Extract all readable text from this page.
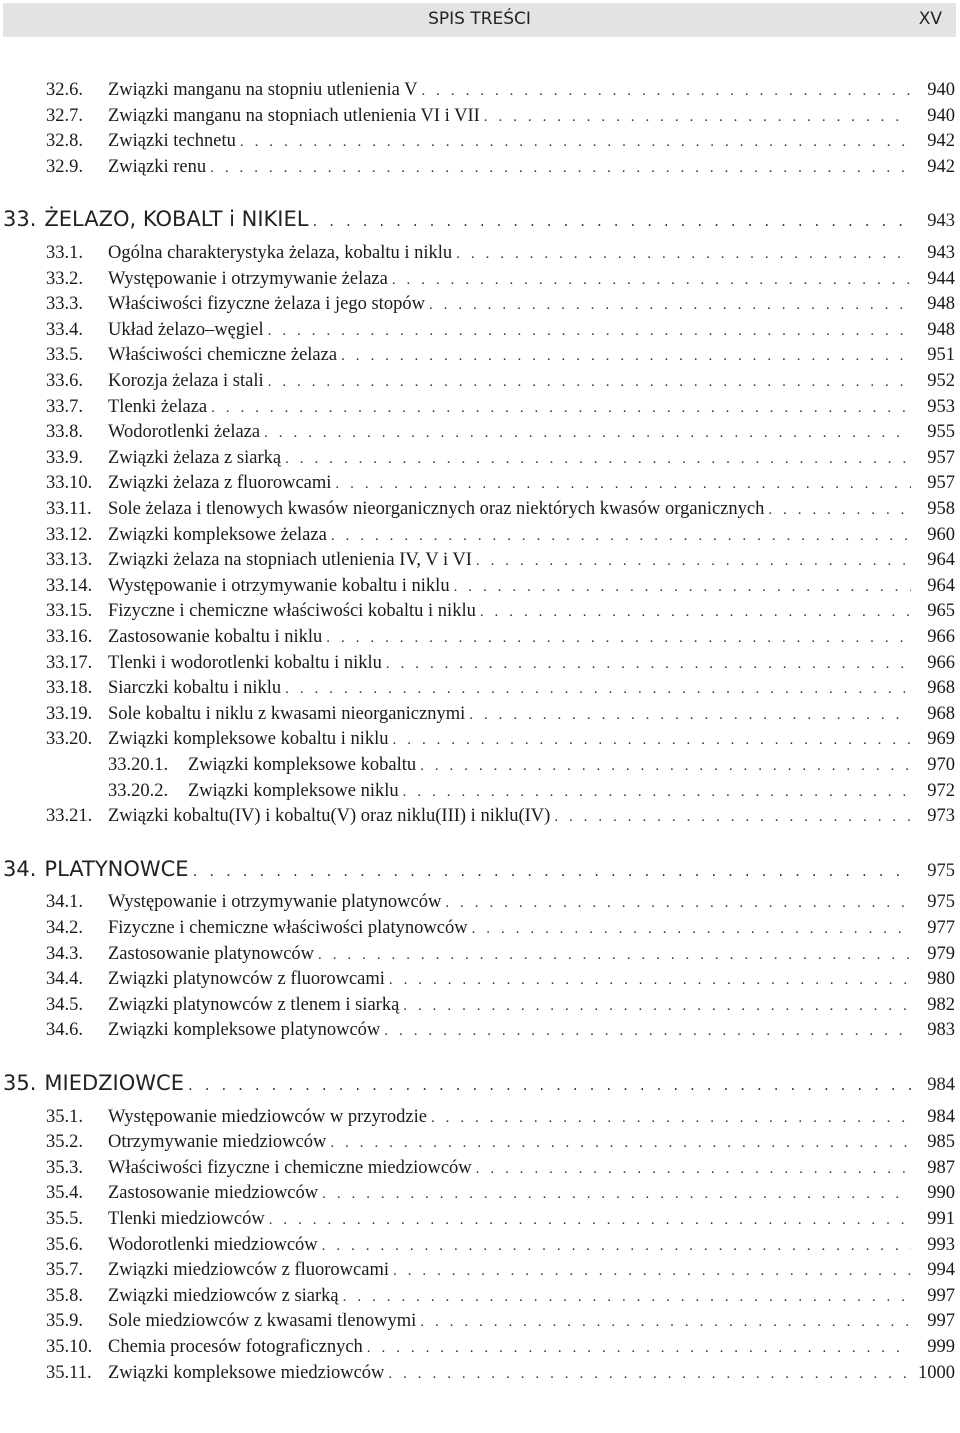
SPIS TREŚCI	XV
32.6.	Związki manganu na stopniu utlenienia V . . .	940
32.7.	Związki manganu na stopniach utlenienia VI i VII . . .	940
32.8.	Związki technetu . . .	942
32.9.	Związki renu . . .	942
33. ŻELAZO, KOBALT i NIKIEL . . .	943
33.1.	Ogólna charakterystyka żelaza, kobaltu i niklu . . .	943
33.2.	Występowanie i otrzymywanie żelaza . . .	944
33.3.	Właściwości fizyczne żelaza i jego stopów . . .	948
33.4.	Układ żelazo–węgiel . . .	948
33.5.	Właściwości chemiczne żelaza . . .	951
33.6.	Korozja żelaza i stali . . .	952
33.7.	Tlenki żelaza . . .	953
33.8.	Wodorotlenki żelaza . . .	955
33.9.	Związki żelaza z siarką . . .	957
33.10. Związki żelaza z fluorowcami . . .	957
33.11. Sole żelaza i tlenowych kwasów nieorganicznych oraz niektórych kwasów organicznych . . .	958
33.12. Związki kompleksowe żelaza . . .	960
33.13. Związki żelaza na stopniach utlenienia IV, V i VI . . .	964
33.14. Występowanie i otrzymywanie kobaltu i niklu . . .	964
33.15. Fizyczne i chemiczne właściwości kobaltu i niklu . . .	965
33.16. Zastosowanie kobaltu i niklu . . .	966
33.17. Tlenki i wodorotlenki kobaltu i niklu . . .	966
33.18. Siarczki kobaltu i niklu . . .	968
33.19. Sole kobaltu i niklu z kwasami nieorganicznymi . . .	968
33.20. Związki kompleksowe kobaltu i niklu . . .	969
33.20.1.	Związki kompleksowe kobaltu . . .	970
33.20.2.	Związki kompleksowe niklu . . .	972
33.21. Związki kobaltu(IV) i kobaltu(V) oraz niklu(III) i niklu(IV) . . .	973
34. PLATYNOWCE . . .	975
34.1.	Występowanie i otrzymywanie platynowców . . .	975
34.2.	Fizyczne i chemiczne właściwości platynowców . . .	977
34.3.	Zastosowanie platynowców . . .	979
34.4.	Związki platynowców z fluorowcami . . .	980
34.5.	Związki platynowców z tlenem i siarką . . .	982
34.6.	Związki kompleksowe platynowców . . .	983
35. MIEDZIOWCE . . .	984
35.1.	Występowanie miedziowców w przyrodzie . . .	984
35.2.	Otrzymywanie miedziowców . . .	985
35.3.	Właściwości fizyczne i chemiczne miedziowców . . .	987
35.4.	Zastosowanie miedziowców . . .	990
35.5.	Tlenki miedziowców . . .	991
35.6.	Wodorotlenki miedziowców . . .	993
35.7.	Związki miedziowców z fluorowcami . . .	994
35.8.	Związki miedziowców z siarką . . .	997
35.9.	Sole miedziowców z kwasami tlenowymi . . .	997
35.10. Chemia procesów fotograficznych . . .	999
35.11. Związki kompleksowe miedziowców . . .	1000
